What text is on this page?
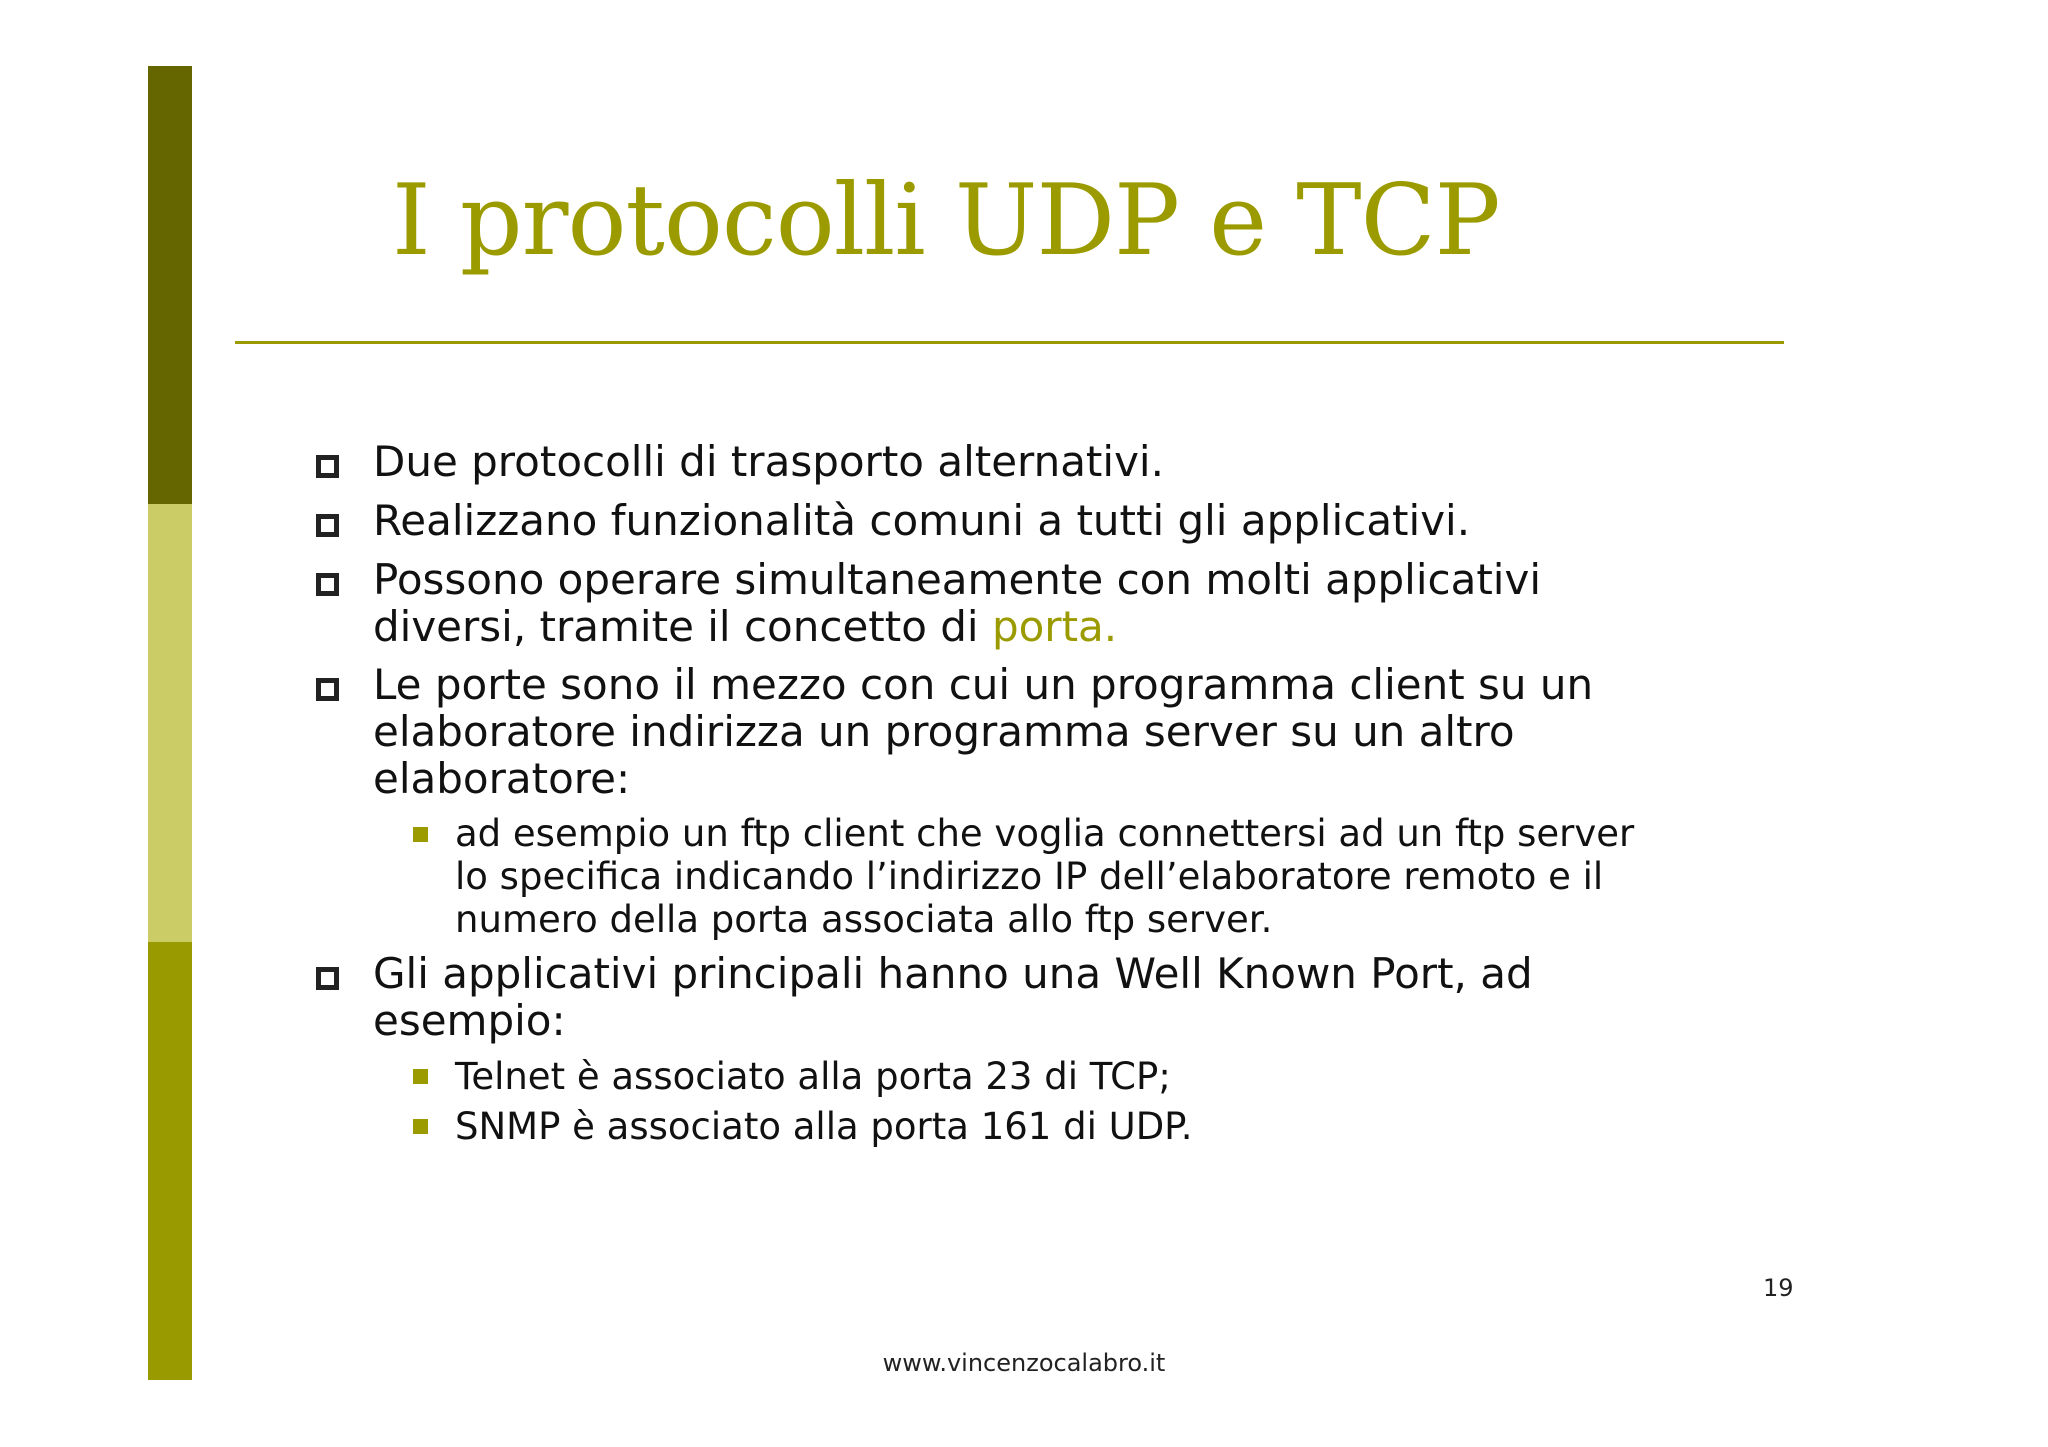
I protocolli UDP e TCP
Due protocolli di trasporto alternativi.
Realizzano funzionalità comuni a tutti gli applicativi.
Possono operare simultaneamente con molti applicativi
diversi, tramite il concetto di porta.
Le porte sono il mezzo con cui un programma client su un
elaboratore indirizza un programma server su un altro
elaboratore:
ad esempio un ftp client che voglia connettersi ad un ftp server
lo specifica indicando l’indirizzo IP dell’elaboratore remoto e il
numero della porta associata allo ftp server.
Gli applicativi principali hanno una Well Known Port, ad
esempio:
Telnet è associato alla porta 23 di TCP;
SNMP è associato alla porta 161 di UDP.
19
www.vincenzocalabro.it
